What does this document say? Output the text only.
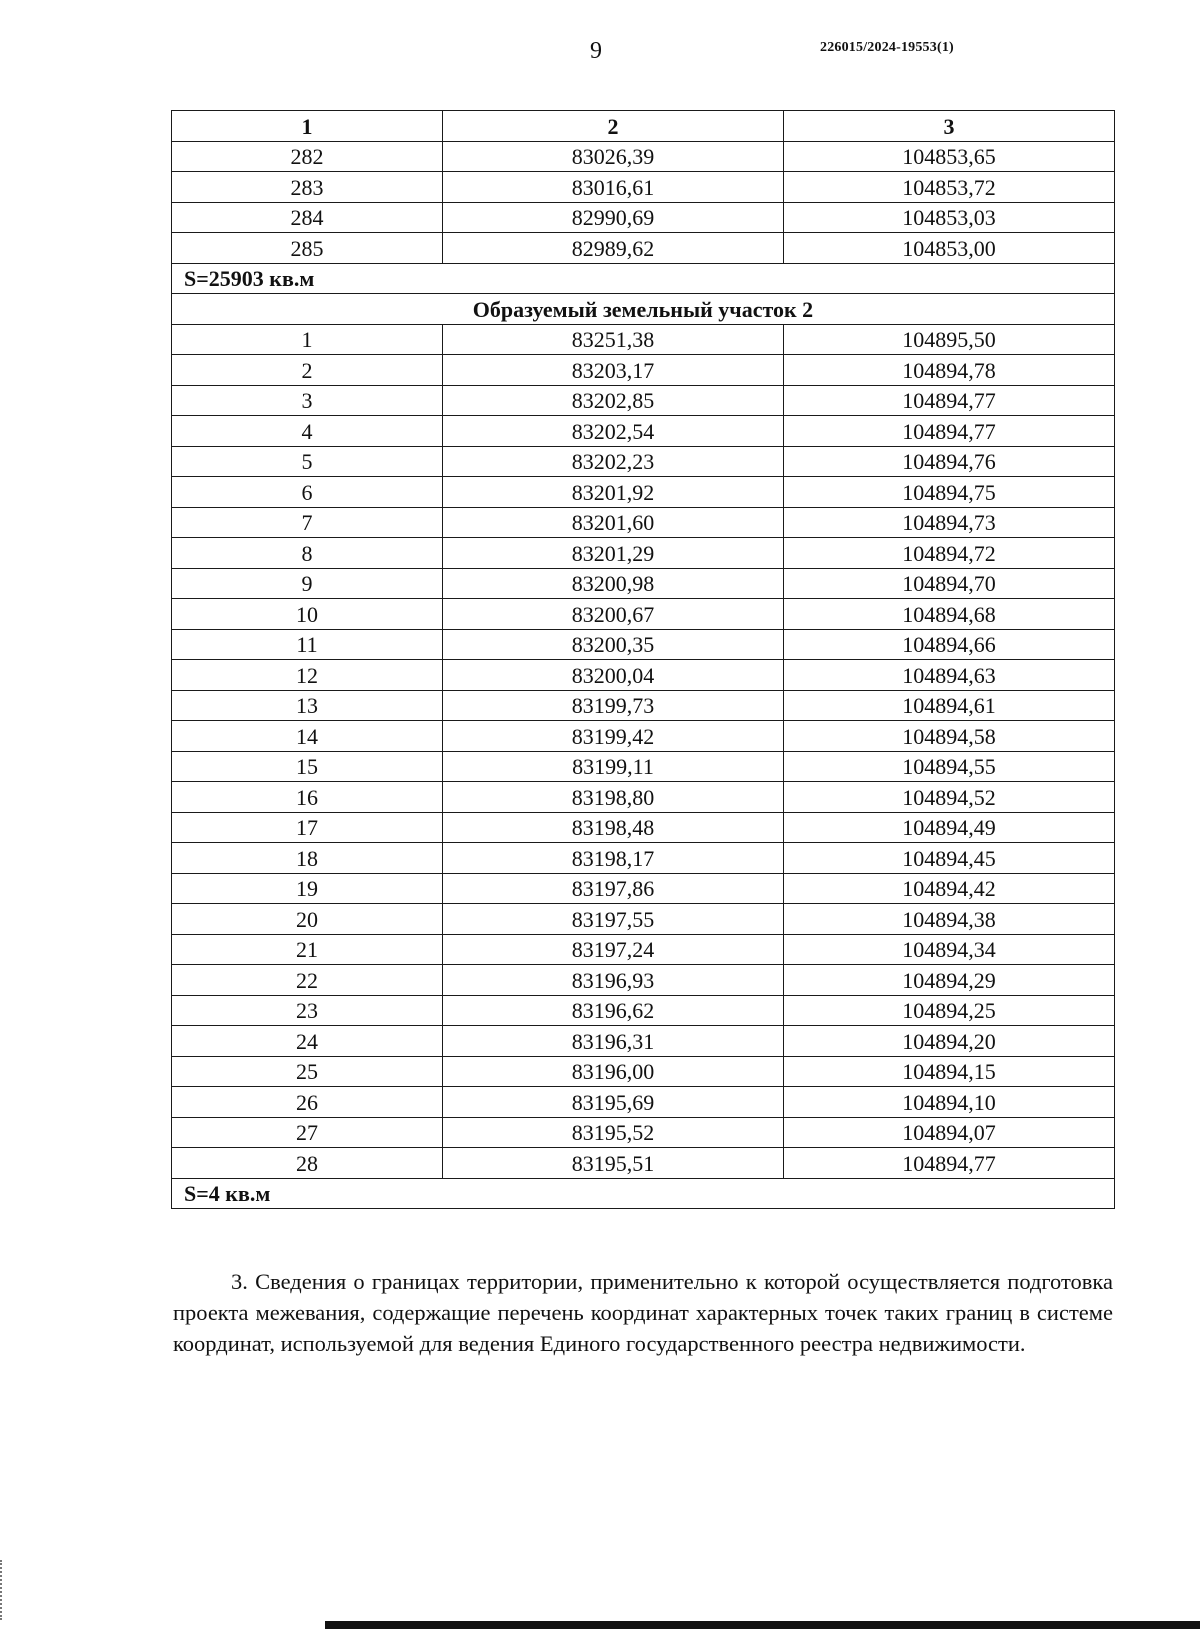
9	226015/2024-19553(1)
1	2	3
282	83026,39	104853,65
283	83016,61	104853,72
284	82990,69	104853,03
285	82989,62	104853,00
S=25903 кв.м		
Образуемый земельный участок 2		
1	83251,38	104895,50
2	83203,17	104894,78
3	83202,85	104894,77
4	83202,54	104894,77
5	83202,23	104894,76
6	83201,92	104894,75
7	83201,60	104894,73
8	83201,29	104894,72
9	83200,98	104894,70
10	83200,67	104894,68
11	83200,35	104894,66
12	83200,04	104894,63
13	83199,73	104894,61
14	83199,42	104894,58
15	83199,11	104894,55
16	83198,80	104894,52
17	83198,48	104894,49
18	83198,17	104894,45
19	83197,86	104894,42
20	83197,55	104894,38
21	83197,24	104894,34
22	83196,93	104894,29
23	83196,62	104894,25
24	83196,31	104894,20
25	83196,00	104894,15
26	83195,69	104894,10
27	83195,52	104894,07
28	83195,51	104894,77
S=4 кв.м		
3. Сведения о границах территории, применительно к которой осуществляется подготовка проекта межевания, содержащие перечень координат характерных точек таких границ в системе координат, используемой для ведения Единого государственного реестра недвижимости.
